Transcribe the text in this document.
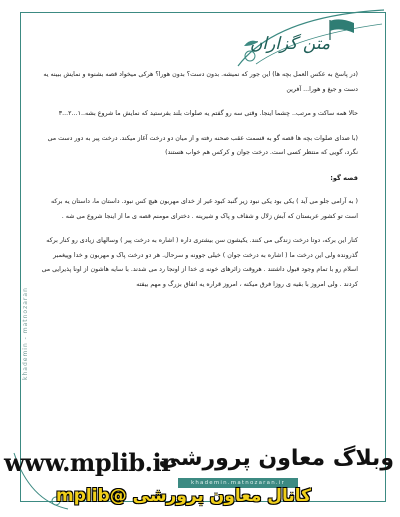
متن گزاران

(در پاسخ به عکس العمل بچه ها) این جور که نمیشه. بدون دست؟ بدون هورا؟ هرکی میخواد قصه بشنوه و نمایش ببینه یه دست و جیغ و هورا... آفرین

حالا همه ساکت و مرتب.. چشما اینجا. وقتی سه رو گفتم یه صلوات بلند بفرستید که نمایش ما شروع بشه..۱...۲...۳

(با صدای صلوات بچه ها قصه گو به قسمت عقب صحنه رفته و از میان دو درخت آغاز میکند. درخت پیر به دور دست می نگرد، گویی که منتظر کسی است. درخت جوان و کرکس هم خواب هستند)

قصه گو:

( به آرامی جلو می آید ) یکی بود یکی نبود زیر گنبد کبود غیر از خدای مهربون هیچ کس نبود. داستان ما، داستان یه برکه است تو کشور عربستان که آبش زلال و شفاف و پاک و شیرینه . دخترای مومنم قصه ی ما از اینجا شروع می شه .

کنار این برکه، دوتا درخت زندگی می کنند. یکیشون سن بیشتری داره ( اشاره به درخت پیر ) وسالهای زیادی رو کنار برکه گذرونده ولی این درخت ما ( اشاره به درخت جوان ) خیلی جوونه و سرحال. هر دو درخت پاک و مهربون و خدا وپیغمبر اسلام رو با تمام وجود قبول داشتند . هروقت زائرهای خونه ی خدا از اونجا رد می شدند. با سایه هاشون از اونا پذیرایی می کردند . ولی امروز با بقیه ی روزا فرق میکنه ، امروز قراره یه اتفاق بزرگ و مهم بیفته

khademin - matnozaran
khademin.matnozaran.ir
www.mplib.ir
وبلاگ معاون پرورشی
کانال معاون پرورشی @mplib
